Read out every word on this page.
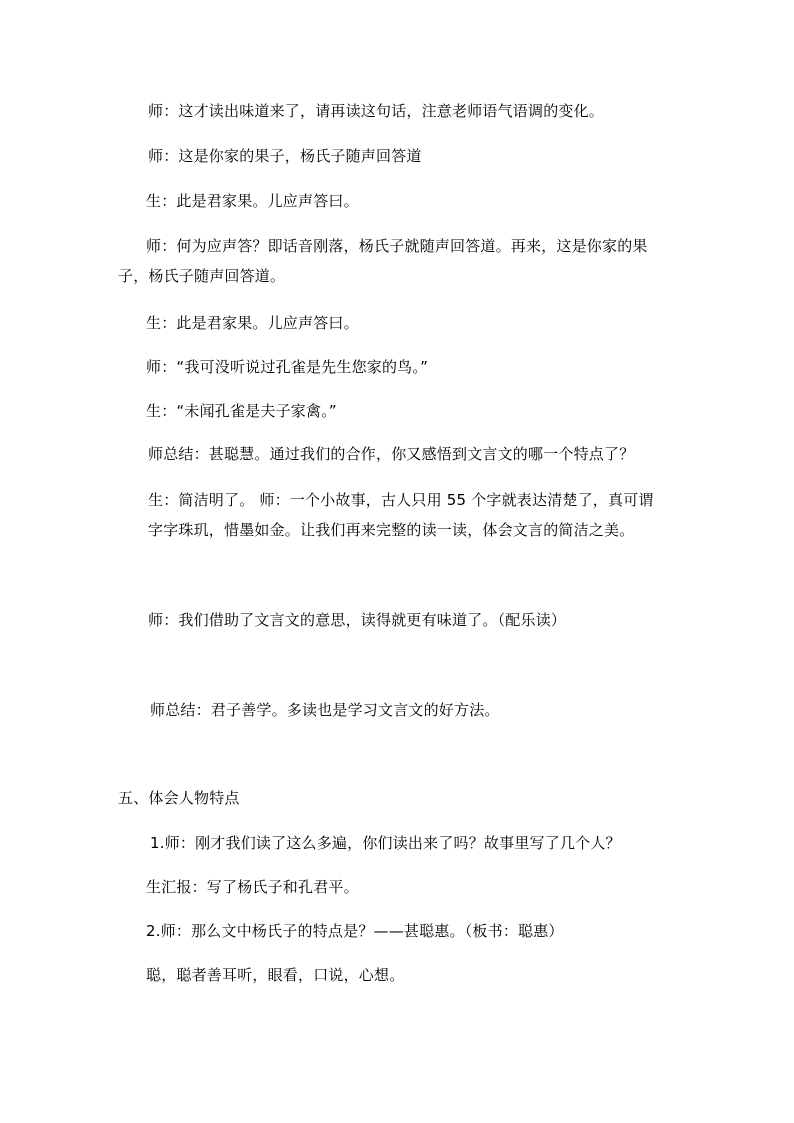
师：这才读出味道来了，请再读这句话，注意老师语气语调的变化。
师：这是你家的果子，杨氏子随声回答道
生：此是君家果。儿应声答曰。
师：何为应声答？即话音刚落，杨氏子就随声回答道。再来，这是你家的果
子，杨氏子随声回答道。
生：此是君家果。儿应声答曰。
师：“我可没听说过孔雀是先生您家的鸟。”
生：“未闻孔雀是夫子家禽。”
师总结：甚聪慧。通过我们的合作，你又感悟到文言文的哪一个特点了？
生：简洁明了。 师：一个小故事，古人只用 55 个字就表达清楚了，真可谓
字字珠玑，惜墨如金。让我们再来完整的读一读，体会文言的简洁之美。
师：我们借助了文言文的意思，读得就更有味道了。（配乐读）
师总结：君子善学。多读也是学习文言文的好方法。
五、体会人物特点
1.师：刚才我们读了这么多遍，你们读出来了吗？故事里写了几个人？
生汇报：写了杨氏子和孔君平。
2.师：那么文中杨氏子的特点是？——甚聪惠。（板书：聪惠）
聪，聪者善耳听，眼看，口说，心想。
